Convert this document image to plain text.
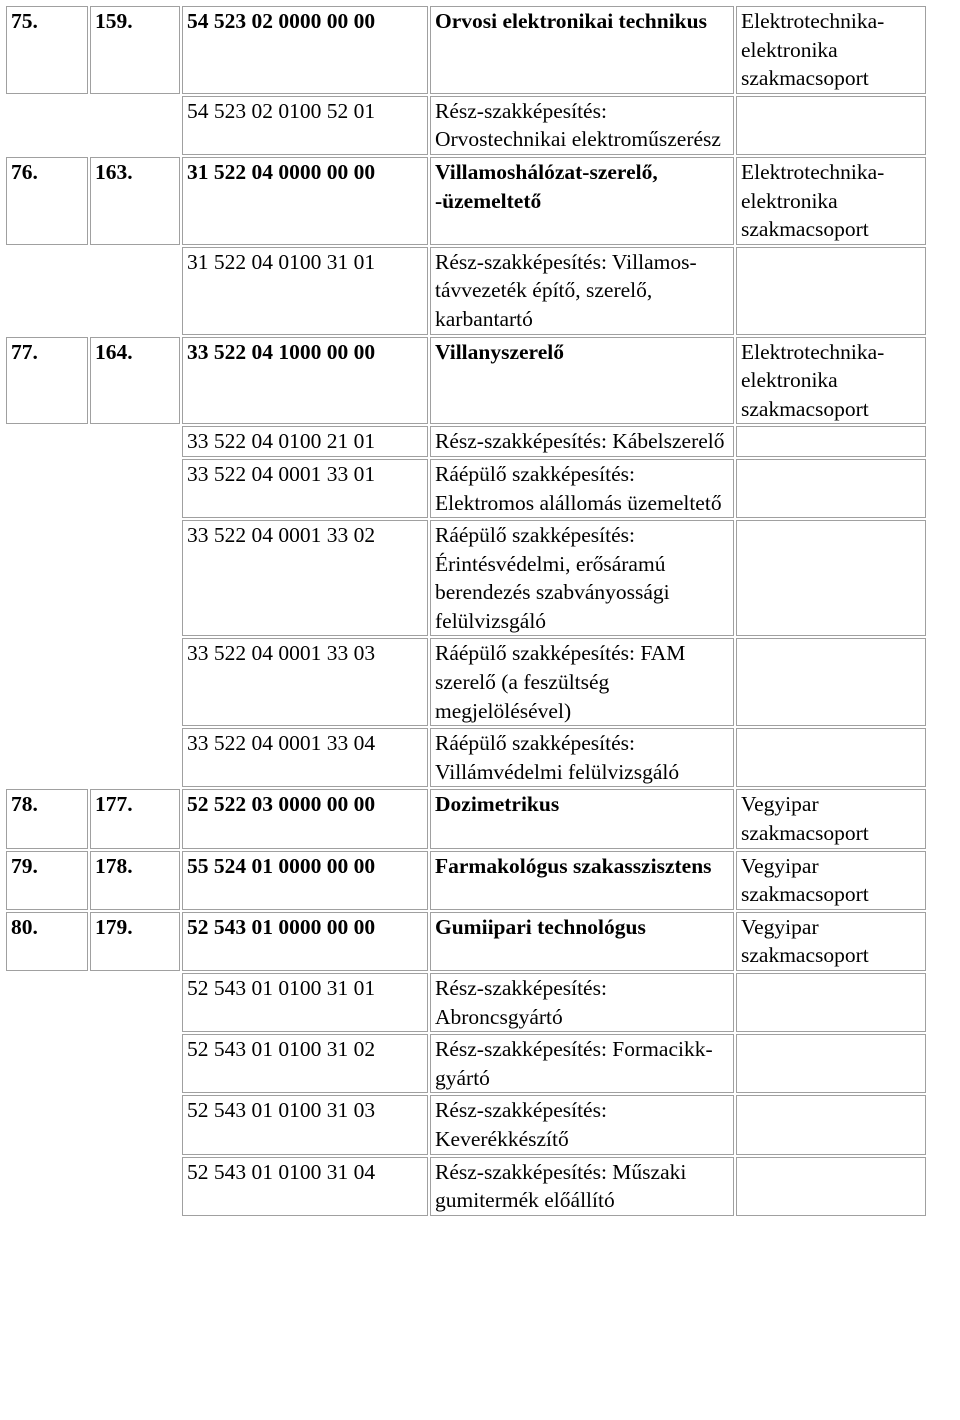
75.	159.	54 523 02 0000 00 00	Orvosi elektronikai technikus	Elektrotechnika-elektronika szakmacsoport
		54 523 02 0100 52 01	Rész-szakképesítés: Orvostechnikai elektroműszerész	
76.	163.	31 522 04 0000 00 00	Villamoshálózat-szerelő, -üzemeltető	Elektrotechnika-elektronika szakmacsoport
		31 522 04 0100 31 01	Rész-szakképesítés: Villamos-távvezeték építő, szerelő, karbantartó	
77.	164.	33 522 04 1000 00 00	Villanyszerelő	Elektrotechnika-elektronika szakmacsoport
		33 522 04 0100 21 01	Rész-szakképesítés: Kábelszerelő	
		33 522 04 0001 33 01	Ráépülő szakképesítés: Elektromos alállomás üzemeltető	
		33 522 04 0001 33 02	Ráépülő szakképesítés: Érintésvédelmi, erősáramú berendezés szabványossági felülvizsgáló	
		33 522 04 0001 33 03	Ráépülő szakképesítés: FAM szerelő (a feszültség megjelölésével)	
		33 522 04 0001 33 04	Ráépülő szakképesítés: Villámvédelmi felülvizsgáló	
78.	177.	52 522 03 0000 00 00	Dozimetrikus	Vegyipar szakmacsoport
79.	178.	55 524 01 0000 00 00	Farmakológus szakasszisztens	Vegyipar szakmacsoport
80.	179.	52 543 01 0000 00 00	Gumiipari technológus	Vegyipar szakmacsoport
		52 543 01 0100 31 01	Rész-szakképesítés: Abroncsgyártó	
		52 543 01 0100 31 02	Rész-szakképesítés: Formacikk-gyártó	
		52 543 01 0100 31 03	Rész-szakképesítés: Keverékkészítő	
		52 543 01 0100 31 04	Rész-szakképesítés: Műszaki gumitermék előállító	
